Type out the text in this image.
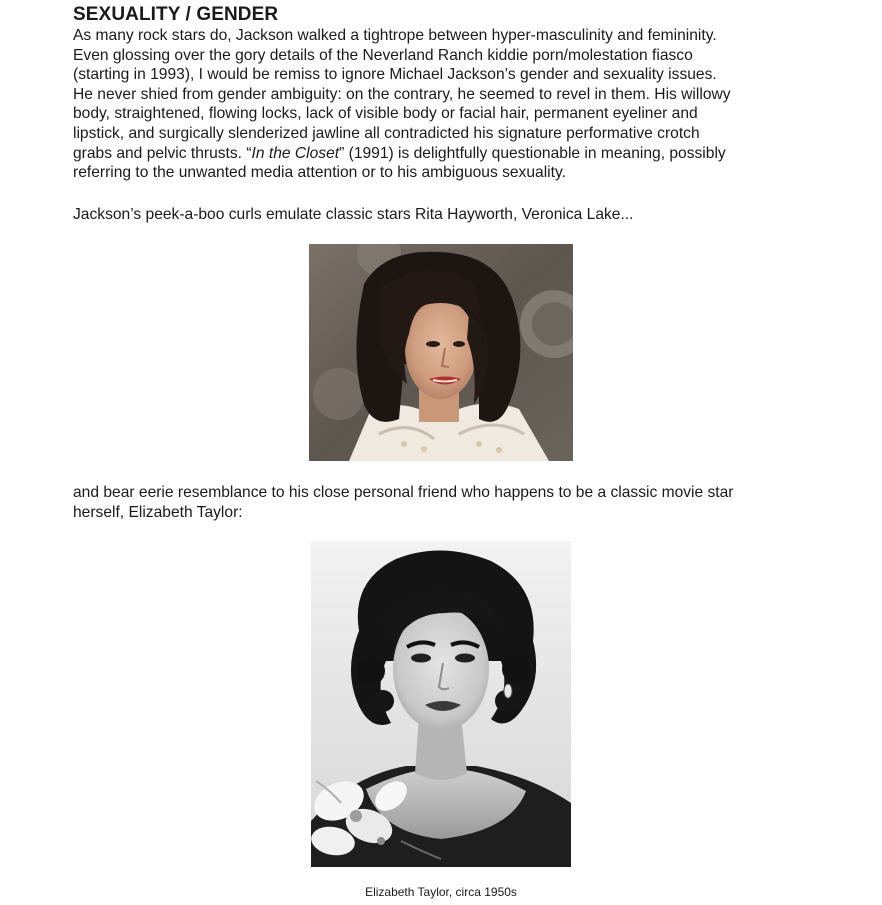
SEXUALITY / GENDER

As many rock stars do, Jackson walked a tightrope between hyper-masculinity and femininity.
Even glossing over the gory details of the Neverland Ranch kiddie porn/molestation fiasco
(starting in 1993), I would be remiss to ignore Michael Jackson’s gender and sexuality issues.
He never shied from gender ambiguity: on the contrary, he seemed to revel in them. His willowy
body, straightened, flowing locks, lack of visible body or facial hair, permanent eyeliner and
lipstick, and surgically slenderized jawline all contradicted his signature performative crotch
grabs and pelvic thrusts. “In the Closet” (1991) is delightfully questionable in meaning, possibly
referring to the unwanted media attention or to his ambiguous sexuality.

Jackson’s peek-a-boo curls emulate classic stars Rita Hayworth, Veronica Lake...

and bear eerie resemblance to his close personal friend who happens to be a classic movie star
herself, Elizabeth Taylor:

Elizabeth Taylor, circa 1950s
